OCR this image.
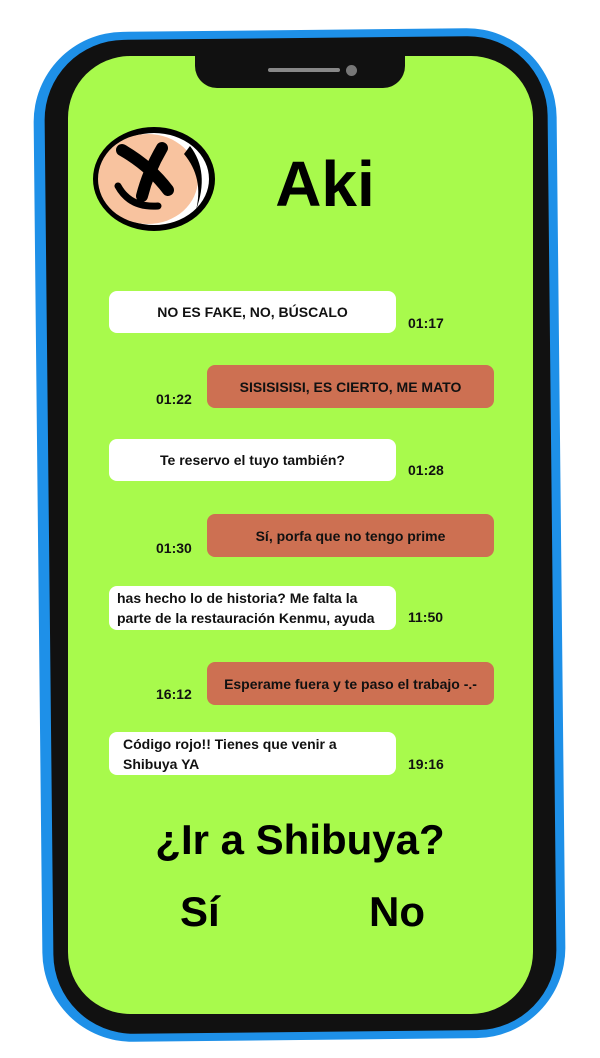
Aki
NO ES FAKE, NO, BÚSCALO
01:17
SISISISISI, ES CIERTO, ME MATO
01:22
Te reservo el tuyo también?
01:28
Sí, porfa que no tengo prime
01:30
has hecho lo de historia? Me falta la
parte de la restauración Kenmu, ayuda 11:50
Esperame fuera y te paso el trabajo -.-
16:12
Código rojo!! Tienes que venir a
Shibuya YA	19:16
¿Ir a Shibuya?
Sí	No
